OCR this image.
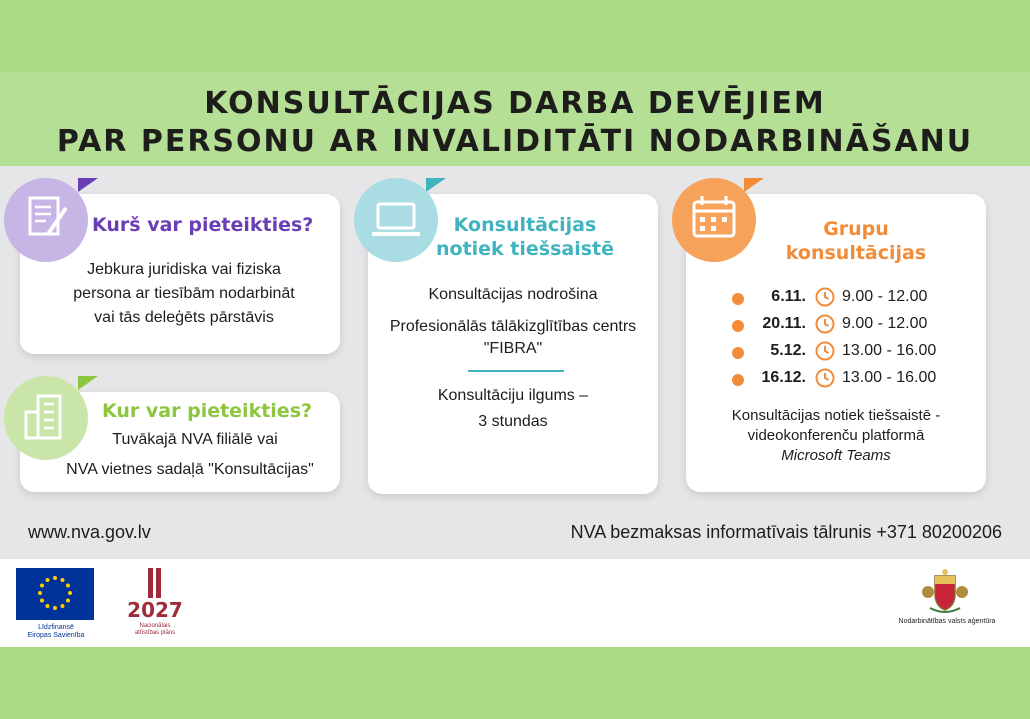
KONSULTĀCIJAS DARBA DEVĒJIEM
PAR PERSONU AR INVALIDITĀTI NODARBINĀŠANU
Kurš var pieteikties?
Jebkura juridiska vai fiziska
persona ar tiesībām nodarbināt
vai tās deleģēts pārstāvis
Kur var pieteikties?
Tuvākajā NVA filiālē vai
NVA vietnes sadaļā "Konsultācijas"
Konsultācijas
notiek tiešsaistē
Konsultācijas nodrošina
Profesionālās tālākizglītības centrs
"FIBRA"
Konsultāciju ilgums –
3 stundas
Grupu
konsultācijas
6.11. 9.00 - 12.00
20.11. 9.00 - 12.00
5.12. 13.00 - 16.00
16.12. 13.00 - 16.00
Konsultācijas notiek tiešsaistē -
videokonferenču platformā
Microsoft Teams
www.nva.gov.lv	NVA bezmaksas informatīvais tālrunis +371 80200206
Līdzfinansē
Eiropas Savienība
2027
Nacionālais
attīstības plāns
Nodarbinātības valsts aģentūra
